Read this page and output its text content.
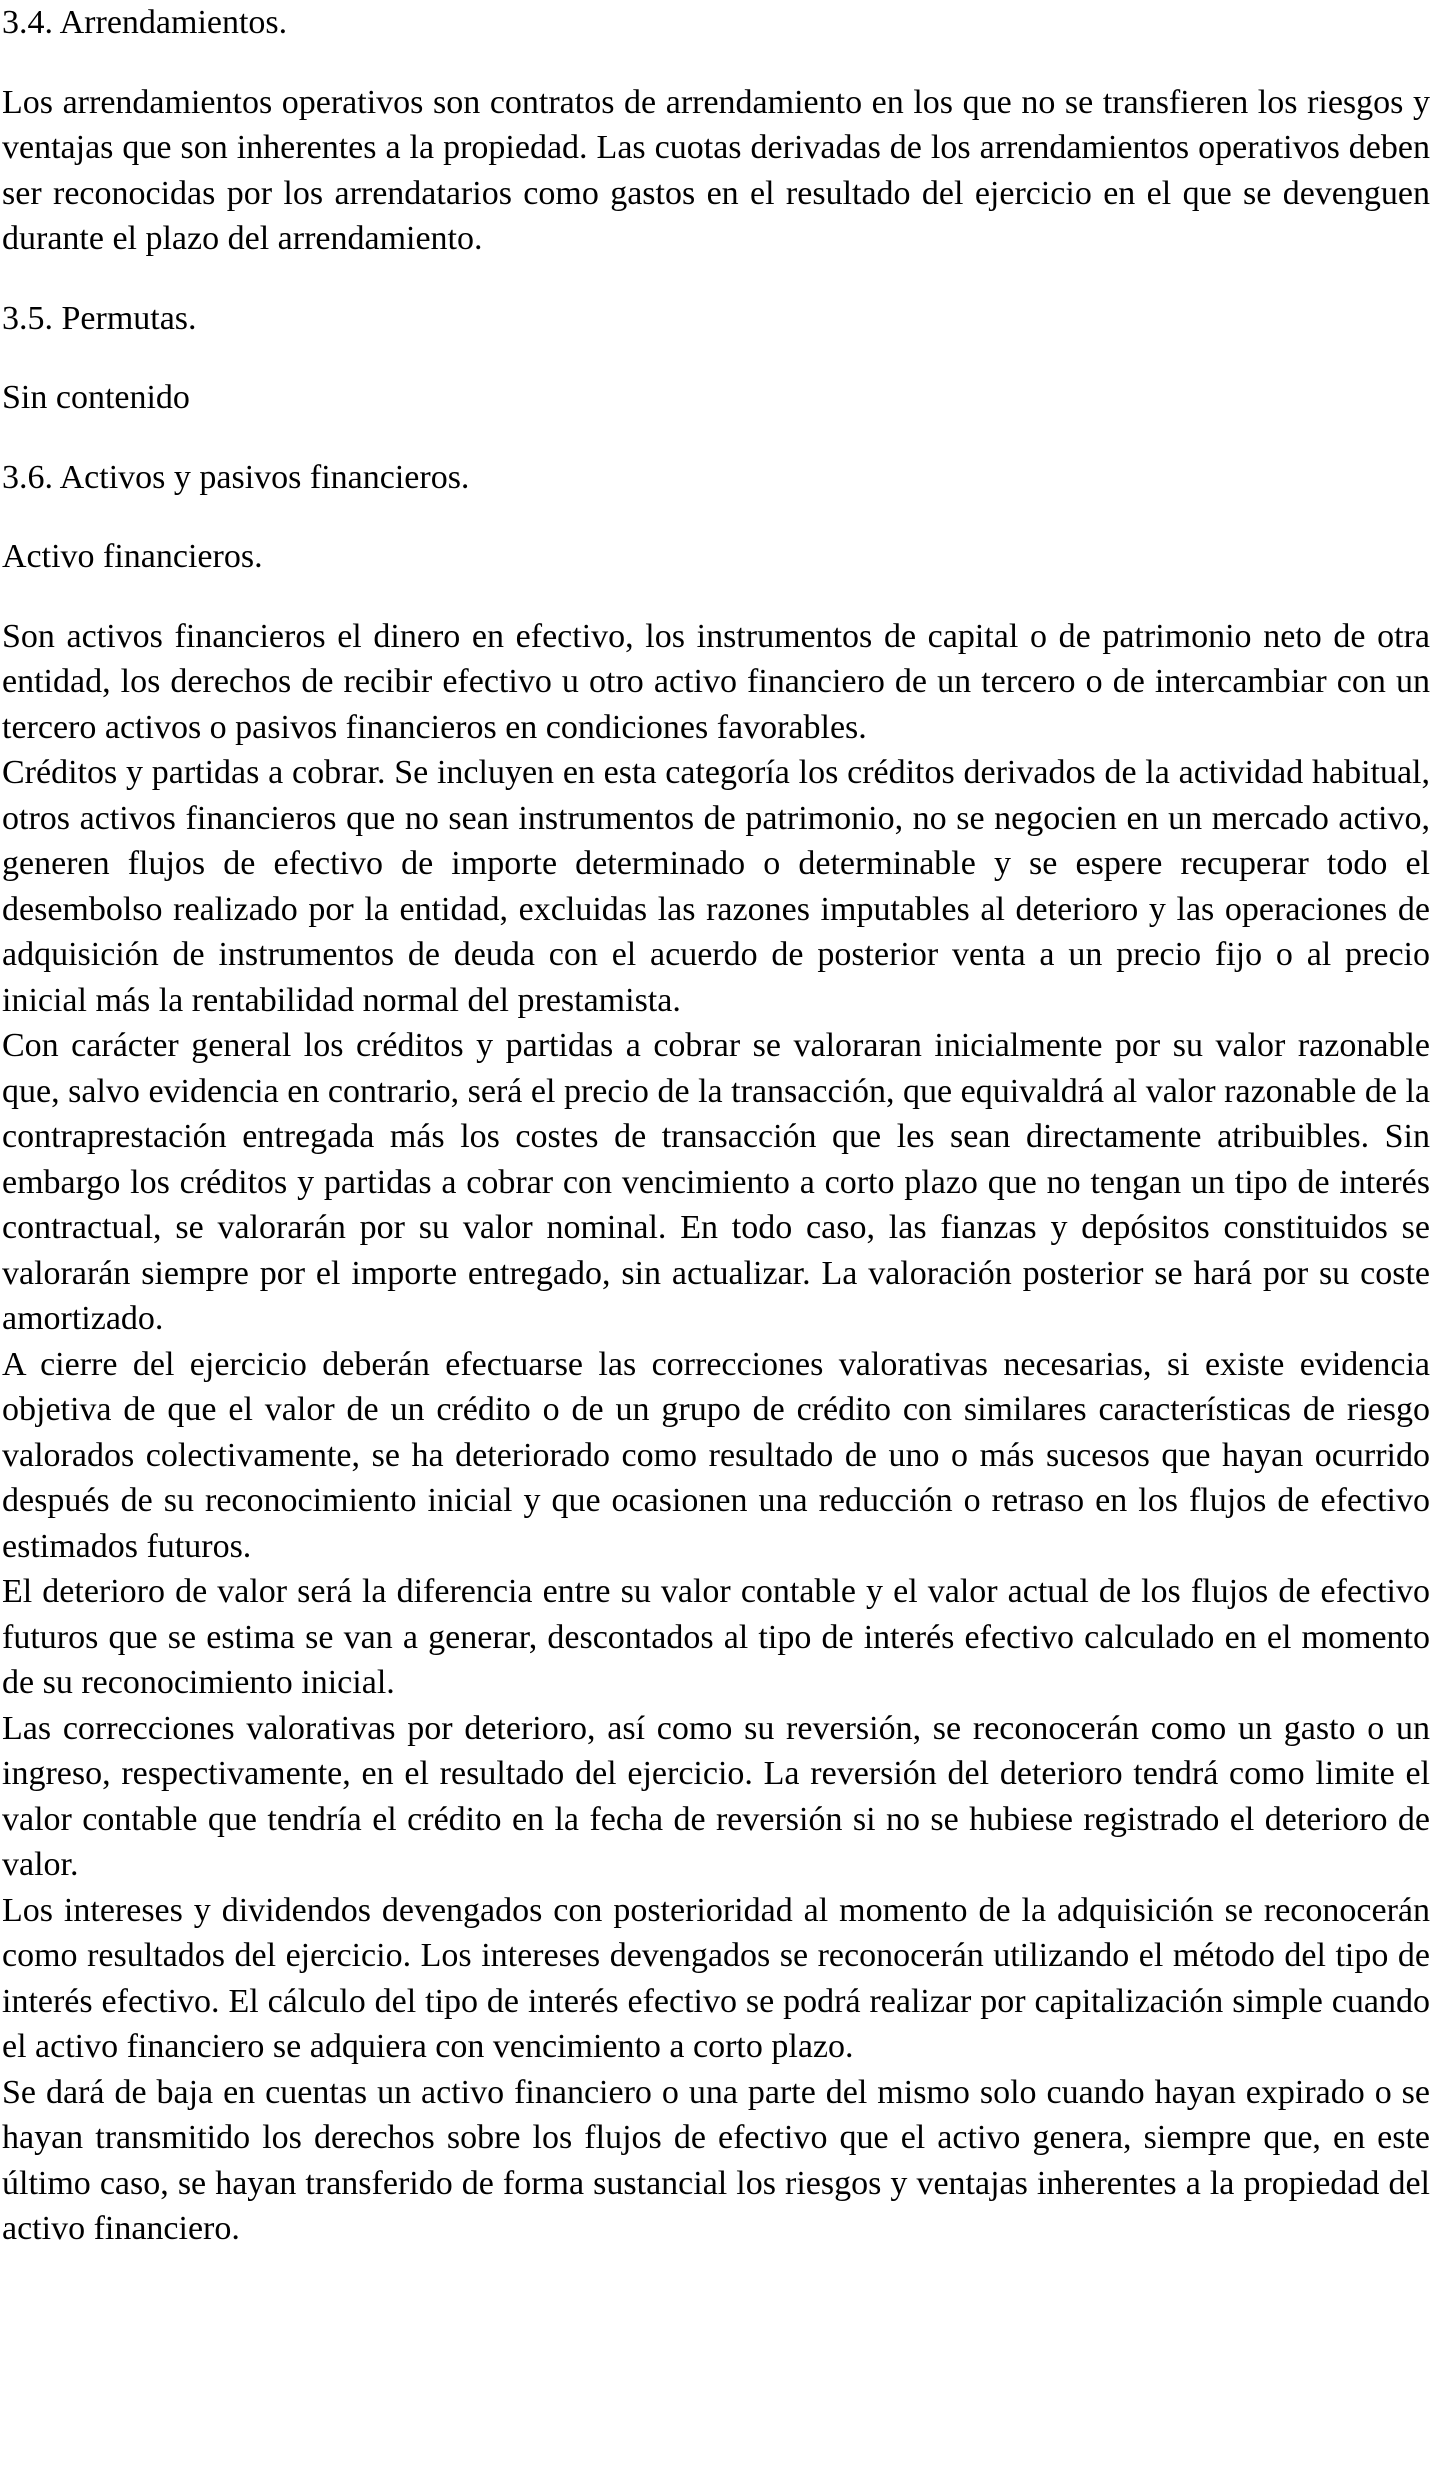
3.4. Arrendamientos.

Los arrendamientos operativos son contratos de arrendamiento en los que no se transfieren los riesgos y ventajas que son inherentes a la propiedad. Las cuotas derivadas de los arrendamientos operativos deben ser reconocidas por los arrendatarios como gastos en el resultado del ejercicio en el que se devenguen durante el plazo del arrendamiento.

3.5. Permutas.

Sin contenido

3.6. Activos y pasivos financieros.

Activo financieros.

Son activos financieros el dinero en efectivo, los instrumentos de capital o de patrimonio neto de otra entidad, los derechos de recibir efectivo u otro activo financiero de un tercero o de intercambiar con un tercero activos o pasivos financieros en condiciones favorables.

Créditos y partidas a cobrar. Se incluyen en esta categoría los créditos derivados de la actividad habitual, otros activos financieros que no sean instrumentos de patrimonio, no se negocien en un mercado activo, generen flujos de efectivo de importe determinado o determinable y se espere recuperar todo el desembolso realizado por la entidad, excluidas las razones imputables al deterioro y las operaciones de adquisición de instrumentos de deuda con el acuerdo de posterior venta a un precio fijo o al precio inicial más la rentabilidad normal del prestamista.

Con carácter general los créditos y partidas a cobrar se valoraran inicialmente por su valor razonable que, salvo evidencia en contrario, será el precio de la transacción, que equivaldrá al valor razonable de la contraprestación entregada más los costes de transacción que les sean directamente atribuibles. Sin embargo los créditos y partidas a cobrar con vencimiento a corto plazo que no tengan un tipo de interés contractual, se valorarán por su valor nominal. En todo caso, las fianzas y depósitos constituidos se valorarán siempre por el importe entregado, sin actualizar. La valoración posterior se hará por su coste amortizado.

A cierre del ejercicio deberán efectuarse las correcciones valorativas necesarias, si existe evidencia objetiva de que el valor de un crédito o de un grupo de crédito con similares características de riesgo valorados colectivamente, se ha deteriorado como resultado de uno o más sucesos que hayan ocurrido después de su reconocimiento inicial y que ocasionen una reducción o retraso en los flujos de efectivo estimados futuros.

El deterioro de valor será la diferencia entre su valor contable y el valor actual de los flujos de efectivo futuros que se estima se van a generar, descontados al tipo de interés efectivo calculado en el momento de su reconocimiento inicial.

Las correcciones valorativas por deterioro, así como su reversión, se reconocerán como un gasto o un ingreso, respectivamente, en el resultado del ejercicio. La reversión del deterioro tendrá como limite el valor contable que tendría el crédito en la fecha de reversión si no se hubiese registrado el deterioro de valor.

Los intereses y dividendos devengados con posterioridad al momento de la adquisición se reconocerán como resultados del ejercicio. Los intereses devengados se reconocerán utilizando el método del tipo de interés efectivo. El cálculo del tipo de interés efectivo se podrá realizar por capitalización simple cuando el activo financiero se adquiera con vencimiento a corto plazo.

Se dará de baja en cuentas un activo financiero o una parte del mismo solo cuando hayan expirado o se hayan transmitido los derechos sobre los flujos de efectivo que el activo genera, siempre que, en este último caso, se hayan transferido de forma sustancial los riesgos y ventajas inherentes a la propiedad del activo financiero.
